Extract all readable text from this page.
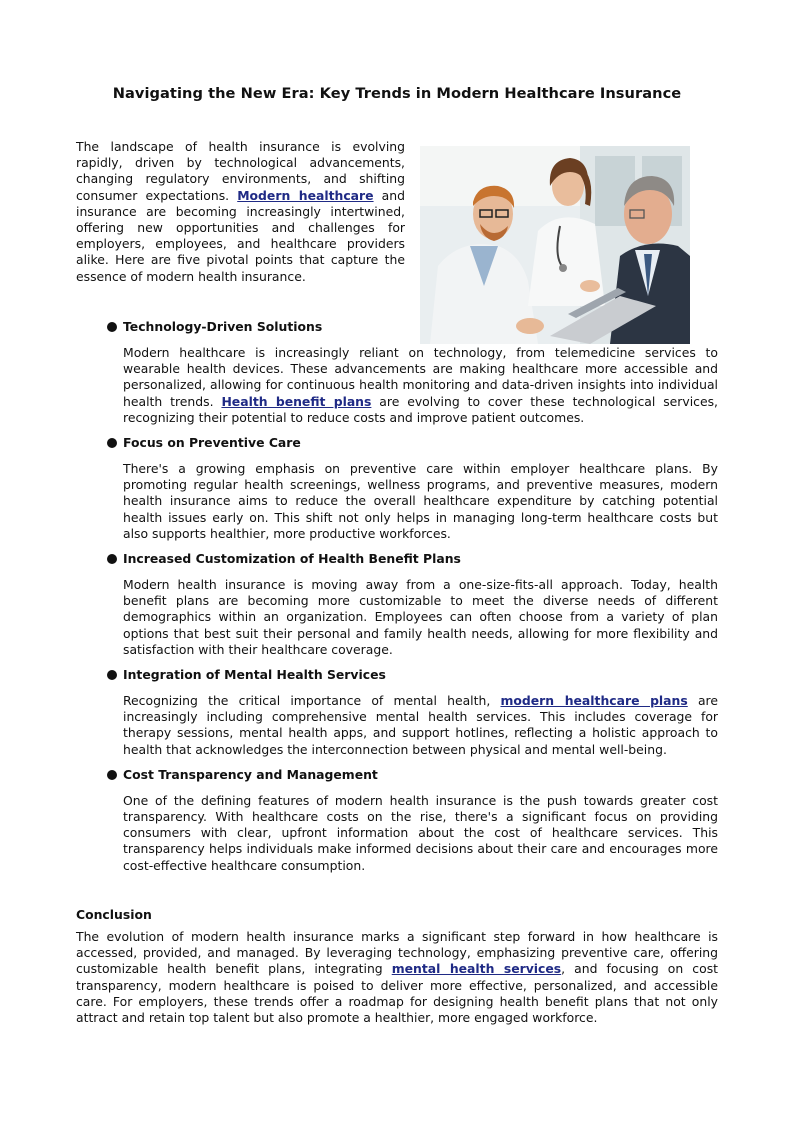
Navigating the New Era: Key Trends in Modern Healthcare Insurance

The landscape of health insurance is evolving rapidly, driven by technological advancements, changing regulatory environments, and shifting consumer expectations. Modern healthcare and insurance are becoming increasingly intertwined, offering new opportunities and challenges for employers, employees, and healthcare providers alike. Here are five pivotal points that capture the essence of modern health insurance.

Technology-Driven Solutions

Modern healthcare is increasingly reliant on technology, from telemedicine services to wearable health devices. These advancements are making healthcare more accessible and personalized, allowing for continuous health monitoring and data-driven insights into individual health trends. Health benefit plans are evolving to cover these technological services, recognizing their potential to reduce costs and improve patient outcomes.

Focus on Preventive Care

There's a growing emphasis on preventive care within employer healthcare plans. By promoting regular health screenings, wellness programs, and preventive measures, modern health insurance aims to reduce the overall healthcare expenditure by catching potential health issues early on. This shift not only helps in managing long-term healthcare costs but also supports healthier, more productive workforces.

Increased Customization of Health Benefit Plans

Modern health insurance is moving away from a one-size-fits-all approach. Today, health benefit plans are becoming more customizable to meet the diverse needs of different demographics within an organization. Employees can often choose from a variety of plan options that best suit their personal and family health needs, allowing for more flexibility and satisfaction with their healthcare coverage.

Integration of Mental Health Services

Recognizing the critical importance of mental health, modern healthcare plans are increasingly including comprehensive mental health services. This includes coverage for therapy sessions, mental health apps, and support hotlines, reflecting a holistic approach to health that acknowledges the interconnection between physical and mental well-being.

Cost Transparency and Management

One of the defining features of modern health insurance is the push towards greater cost transparency. With healthcare costs on the rise, there's a significant focus on providing consumers with clear, upfront information about the cost of healthcare services. This transparency helps individuals make informed decisions about their care and encourages more cost-effective healthcare consumption.

Conclusion

The evolution of modern health insurance marks a significant step forward in how healthcare is accessed, provided, and managed. By leveraging technology, emphasizing preventive care, offering customizable health benefit plans, integrating mental health services, and focusing on cost transparency, modern healthcare is poised to deliver more effective, personalized, and accessible care. For employers, these trends offer a roadmap for designing health benefit plans that not only attract and retain top talent but also promote a healthier, more engaged workforce.
